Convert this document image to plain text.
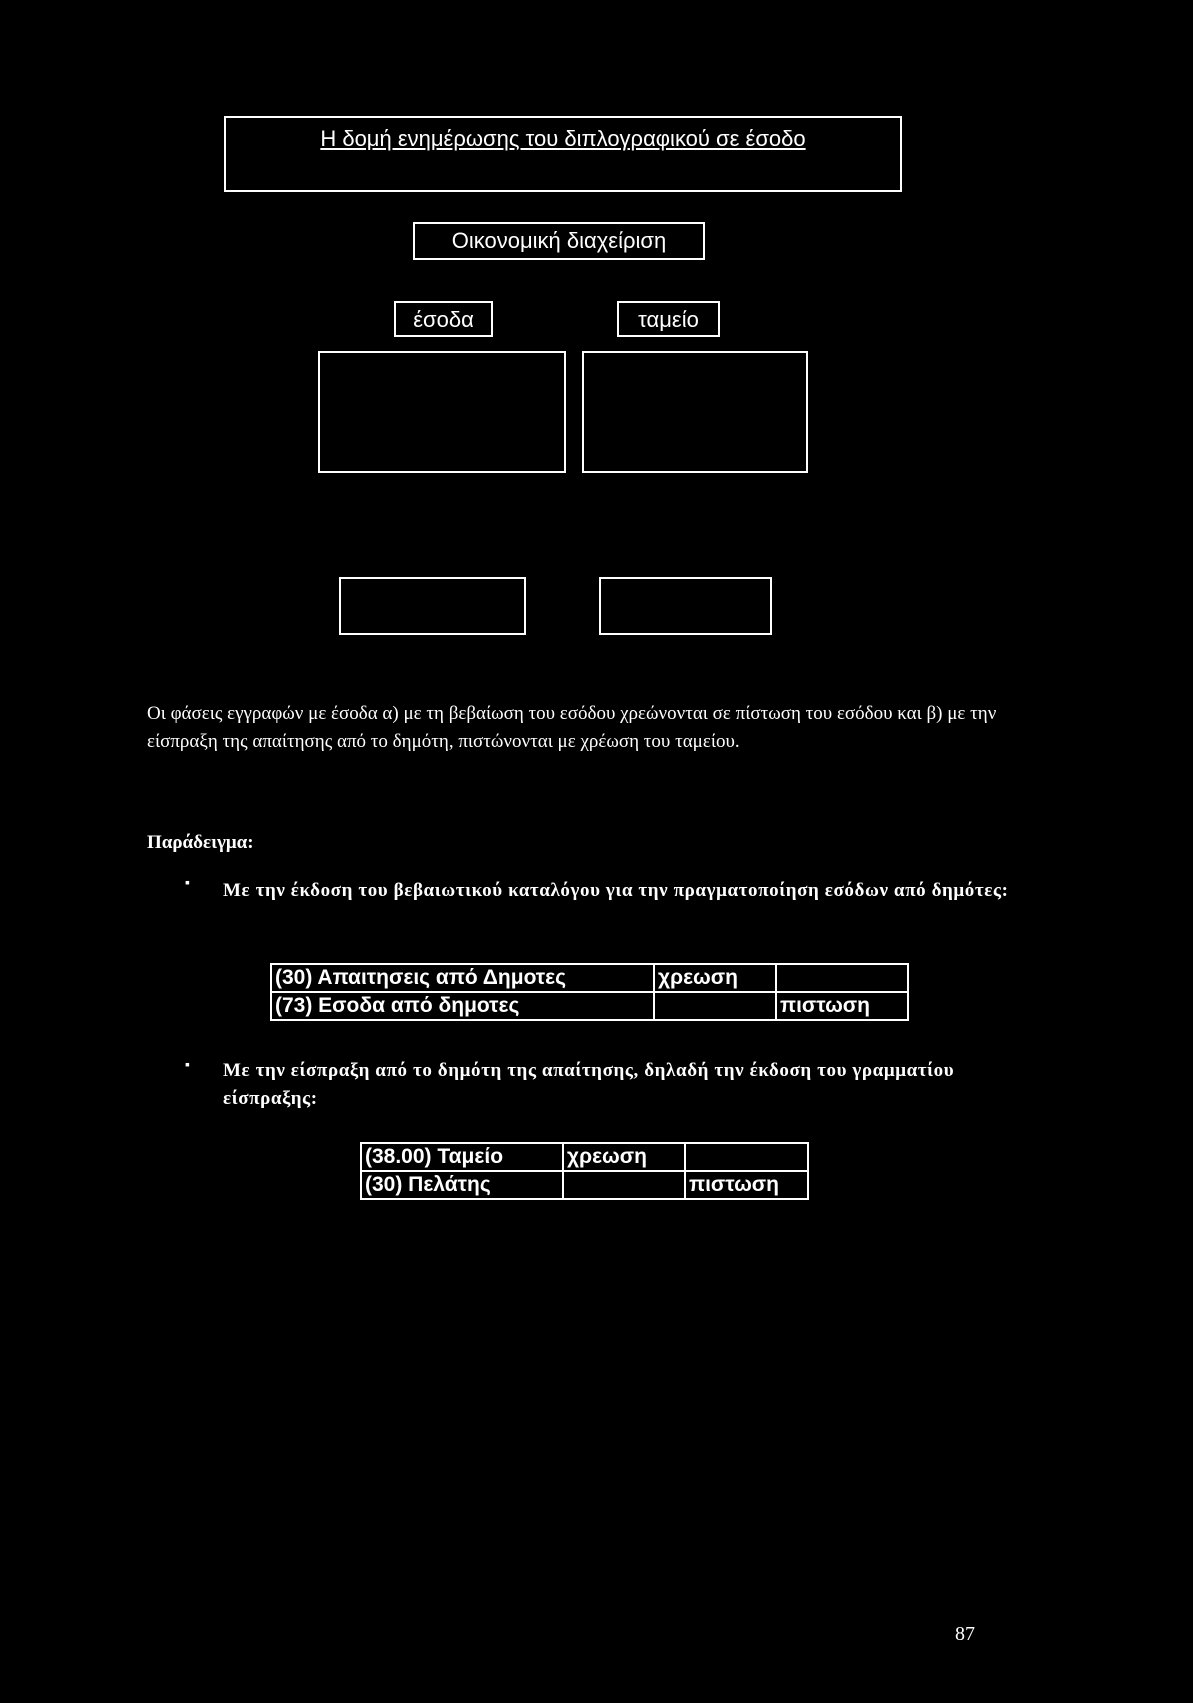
Η δομή ενημέρωσης του διπλογραφικού σε έσοδο
Οικονομική διαχείριση
έσοδα	ταμείο
Οι φάσεις εγγραφών με έσοδα α) με τη βεβαίωση του εσόδου χρεώνονται σε πίστωση του εσόδου και β) με την είσπραξη της απαίτησης από το δημότη, πιστώνονται με χρέωση του ταμείου.
Παράδειγμα:
▪ Με την έκδοση του βεβαιωτικού καταλόγου για την πραγματοποίηση εσόδων από δημότες:
(30) Απαιτησεις από Δημοτες	χρεωση	
(73) Εσοδα από δημοτες		πιστωση
▪ Με την είσπραξη από το δημότη της απαίτησης, δηλαδή την έκδοση του γραμματίου είσπραξης:
(38.00) Ταμείο	χρεωση	
(30) Πελάτης		πιστωση
87
